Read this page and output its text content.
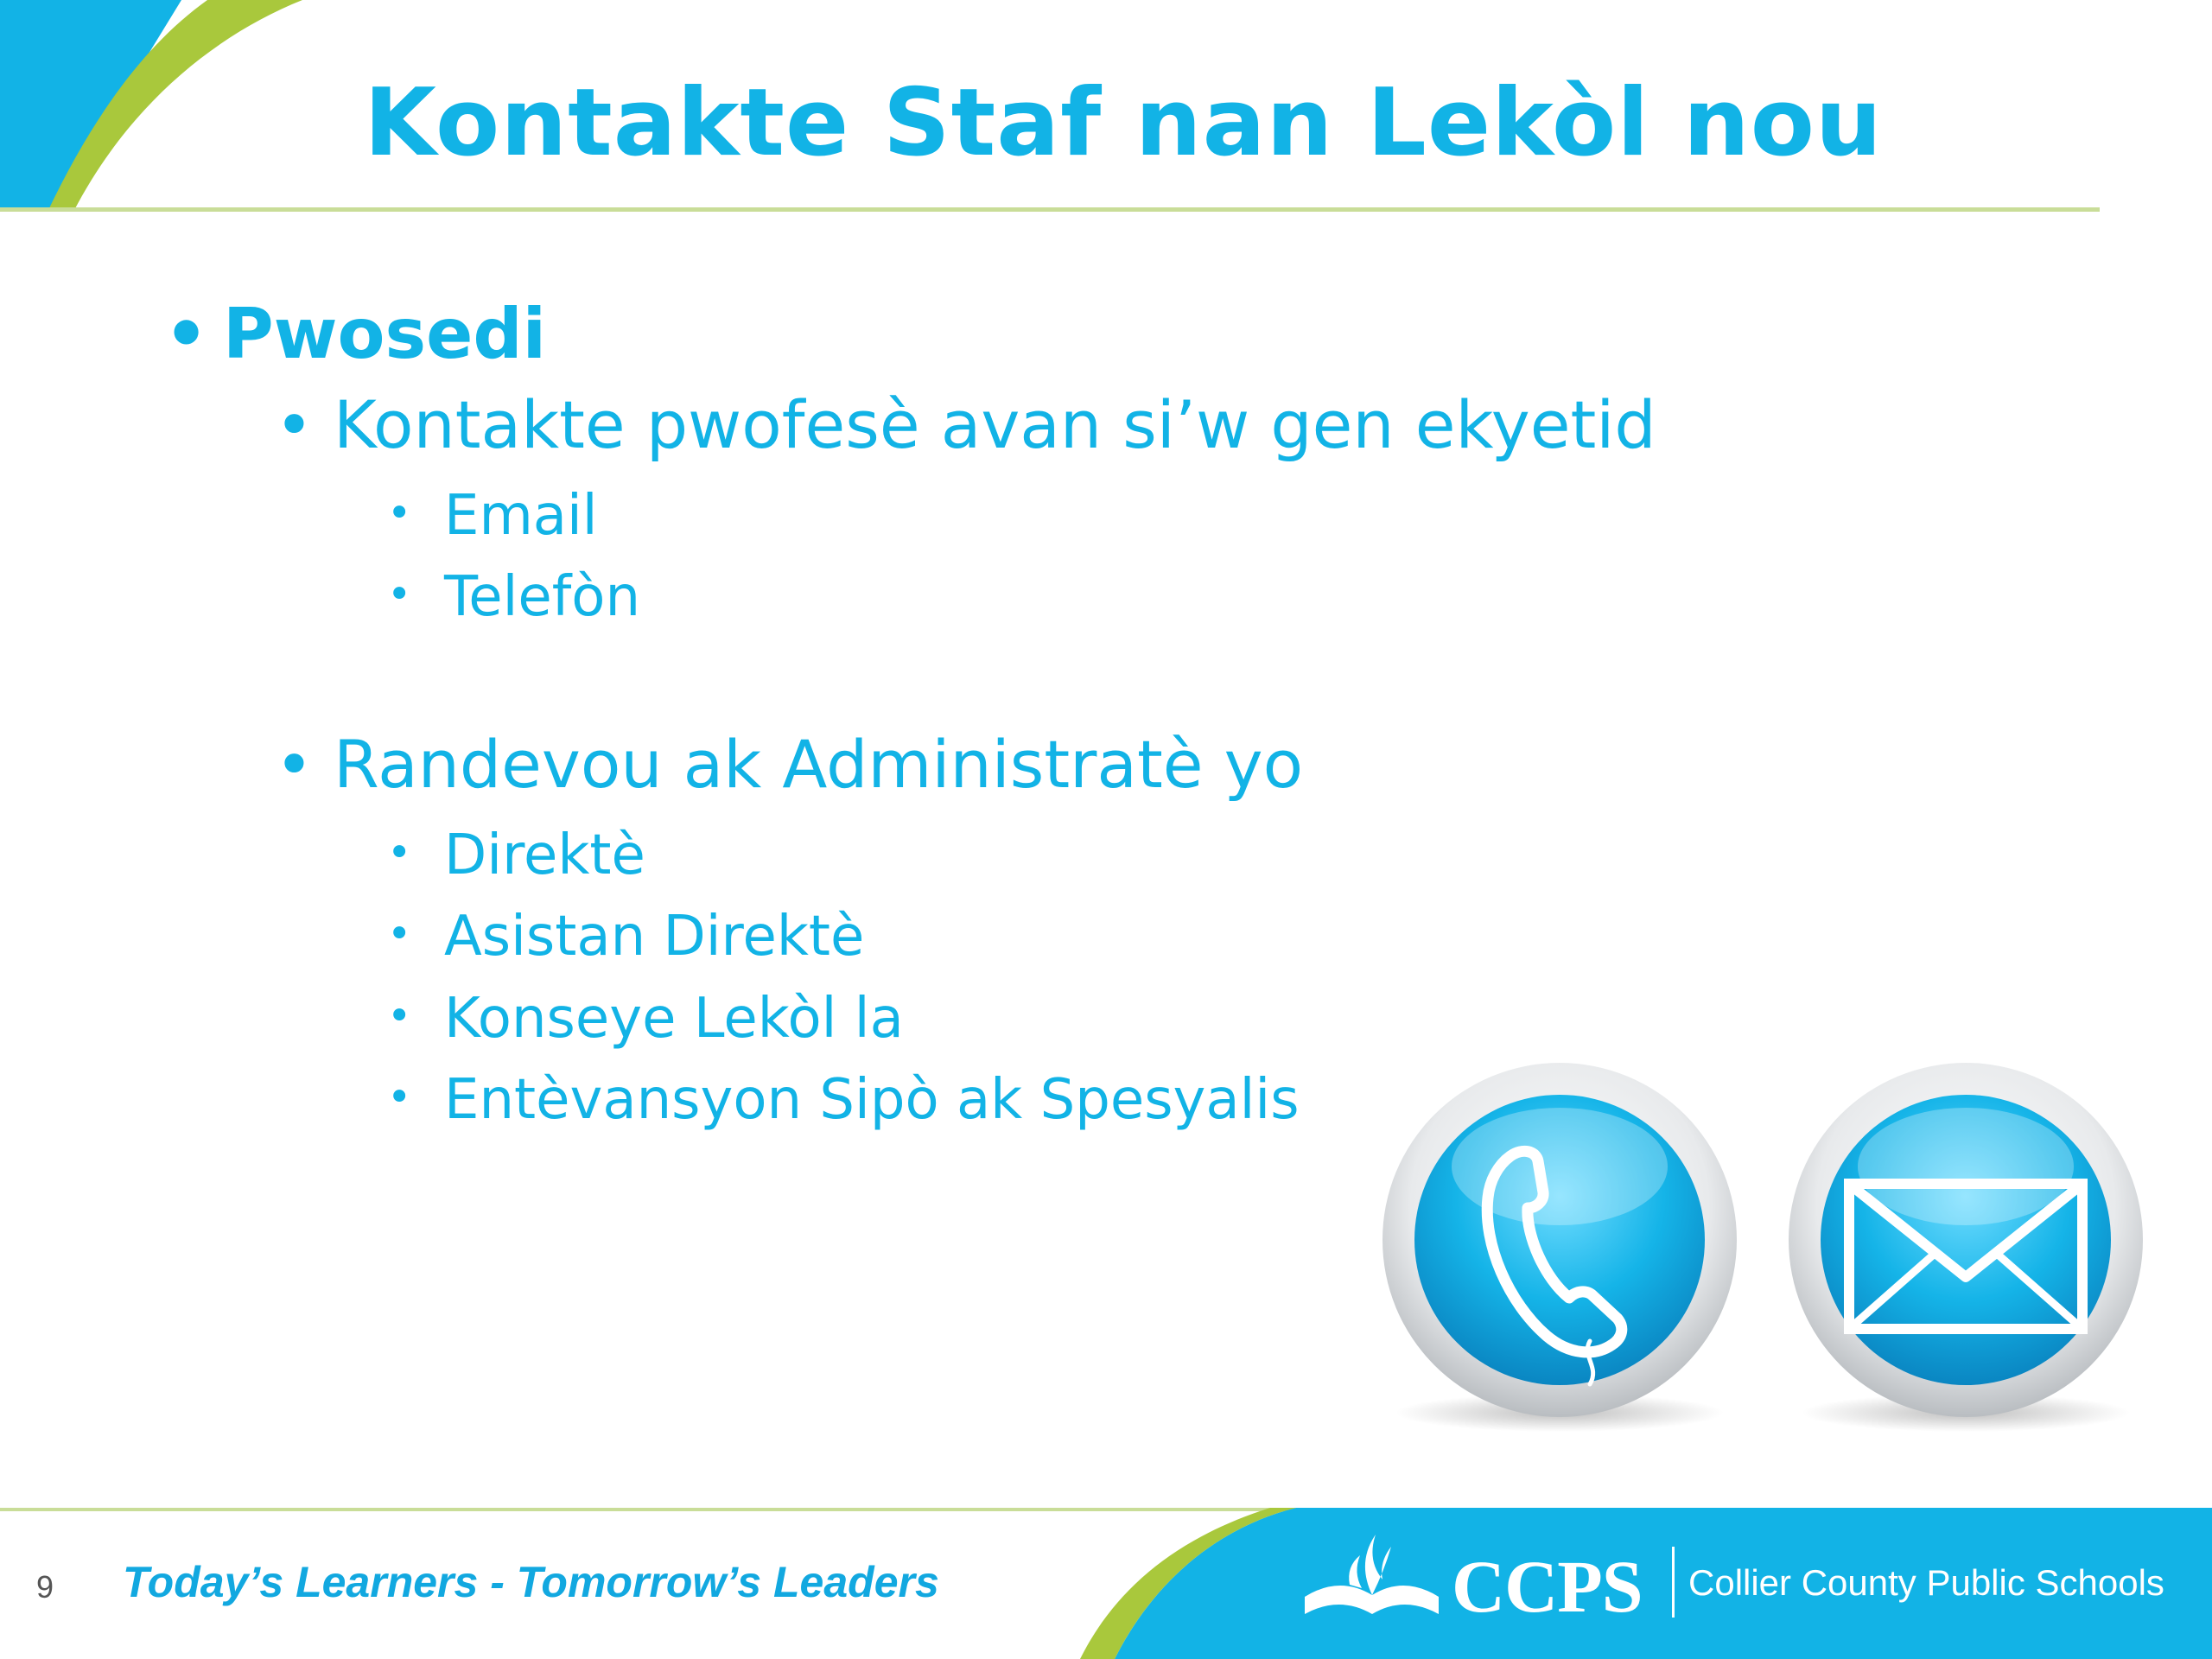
Kontakte Staf nan Lekòl nou
• Pwosedi
• Kontakte pwofesè avan si’w gen ekyetid
• Email
• Telefòn
• Randevou ak Administratè yo
• Direktè
• Asistan Direktè
• Konseye Lekòl la
• Entèvansyon Sipò ak Spesyalis
9 Today’s Learners - Tomorrow’s Leaders	CCPS Collier County Public Schools
